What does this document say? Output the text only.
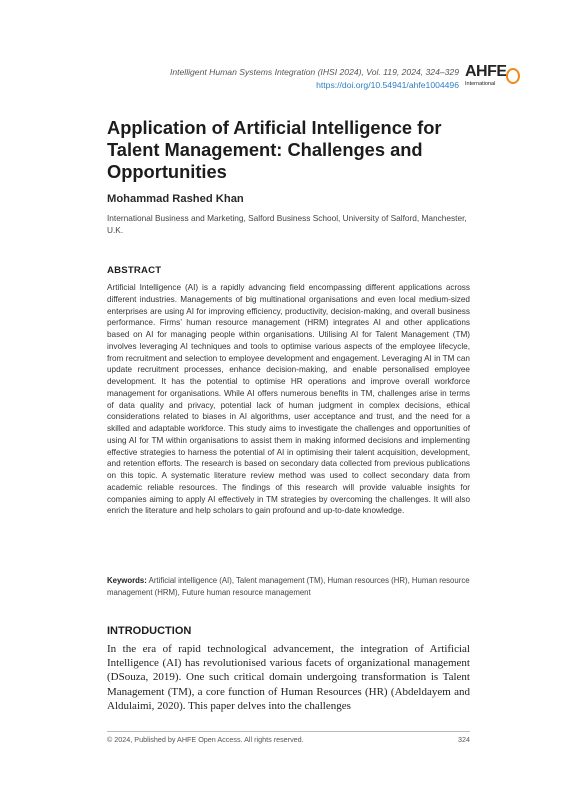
Intelligent Human Systems Integration (IHSI 2024), Vol. 119, 2024, 324–329
https://doi.org/10.54941/ahfe1004496
AHFE
International
Application of Artificial Intelligence for Talent Management: Challenges and Opportunities
Mohammad Rashed Khan
International Business and Marketing, Salford Business School, University of Salford, Manchester, U.K.
ABSTRACT
Artificial Intelligence (AI) is a rapidly advancing field encompassing different applications across different industries. Managements of big multinational organisations and even local medium-sized enterprises are using AI for improving efficiency, productivity, decision-making, and overall business performance. Firms’ human resource management (HRM) integrates AI and other applications based on AI for managing people within organisations. Utilising AI for Talent Management (TM) involves leveraging AI techniques and tools to optimise various aspects of the employee lifecycle, from recruitment and selection to employee development and engagement. Leveraging AI in TM can update recruitment processes, enhance decision-making, and enable personalised employee development. It has the potential to optimise HR operations and improve overall workforce management for organisations. While AI offers numerous benefits in TM, challenges arise in terms of data quality and privacy, potential lack of human judgment in complex decisions, ethical considerations related to biases in AI algorithms, user acceptance and trust, and the need for a skilled and adaptable workforce. This study aims to investigate the challenges and opportunities of using AI for TM within organisations to assist them in making informed decisions and implementing effective strategies to harness the potential of AI in optimising their talent acquisition, development, and retention efforts. The research is based on secondary data collected from previous publications on this topic. A systematic literature review method was used to collect secondary data from academic reliable resources. The findings of this research will provide valuable insights for companies aiming to apply AI effectively in TM strategies by overcoming the challenges. It will also enrich the literature and help scholars to gain profound and up-to-date knowledge.
Keywords: Artificial intelligence (AI), Talent management (TM), Human resources (HR), Human resource management (HRM), Future human resource management
INTRODUCTION
In the era of rapid technological advancement, the integration of Artificial Intelligence (AI) has revolutionised various facets of organizational management (DSouza, 2019). One such critical domain undergoing transformation is Talent Management (TM), a core function of Human Resources (HR) (Abdeldayem and Aldulaimi, 2020). This paper delves into the challenges
© 2024, Published by AHFE Open Access. All rights reserved.	324
